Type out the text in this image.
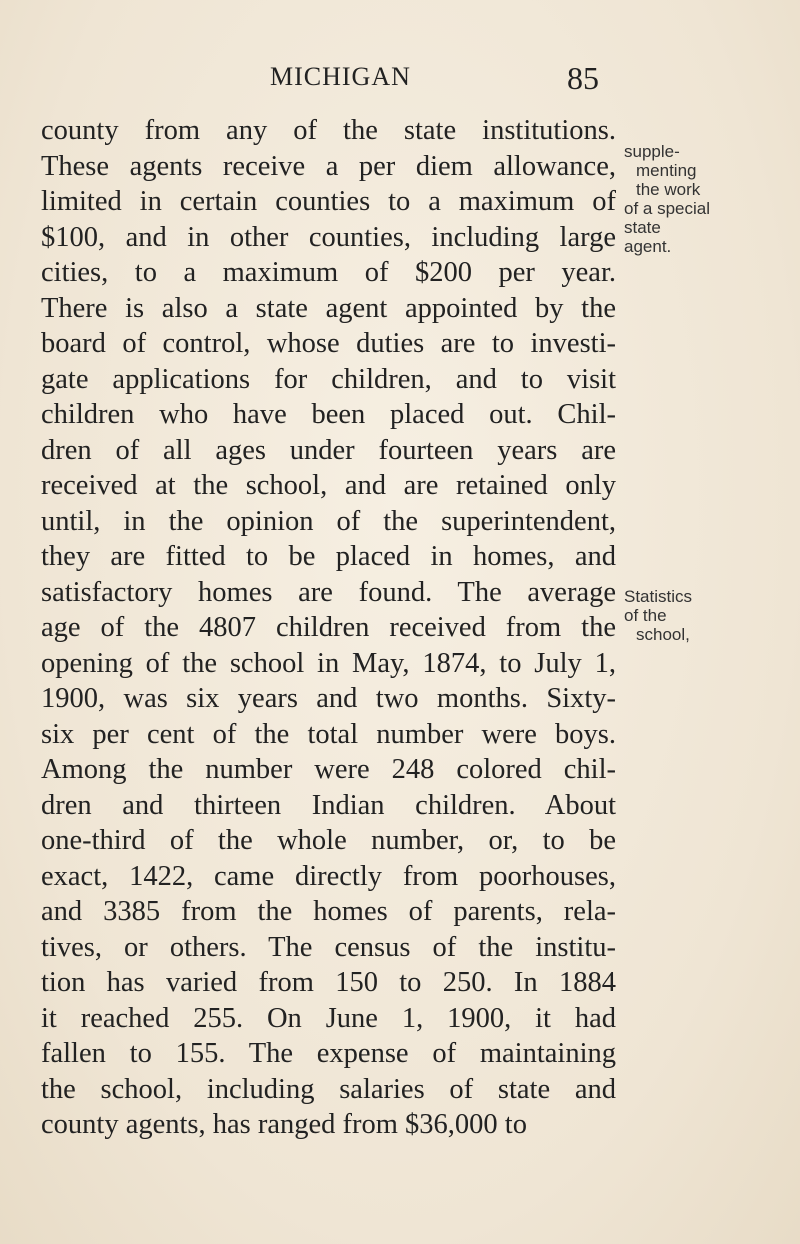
MICHIGAN	85
county from any of the state institutions.
These agents receive a per diem allowance,
limited in certain counties to a maximum of
$100, and in other counties, including large
cities, to a maximum of $200 per year.
There is also a state agent appointed by the
board of control, whose duties are to investi-
gate applications for children, and to visit
children who have been placed out. Chil-
dren of all ages under fourteen years are
received at the school, and are retained only
until, in the opinion of the superintendent,
they are fitted to be placed in homes, and
satisfactory homes are found. The average
age of the 4807 children received from the
opening of the school in May, 1874, to July 1,
1900, was six years and two months. Sixty-
six per cent of the total number were boys.
Among the number were 248 colored chil-
dren and thirteen Indian children. About
one-third of the whole number, or, to be
exact, 1422, came directly from poorhouses,
and 3385 from the homes of parents, rela-
tives, or others. The census of the institu-
tion has varied from 150 to 250. In 1884
it reached 255. On June 1, 1900, it had
fallen to 155. The expense of maintaining
the school, including salaries of state and
county agents, has ranged from $36,000 to
supple-
menting
the work
of a special
state
agent.
Statistics
of the
school,
